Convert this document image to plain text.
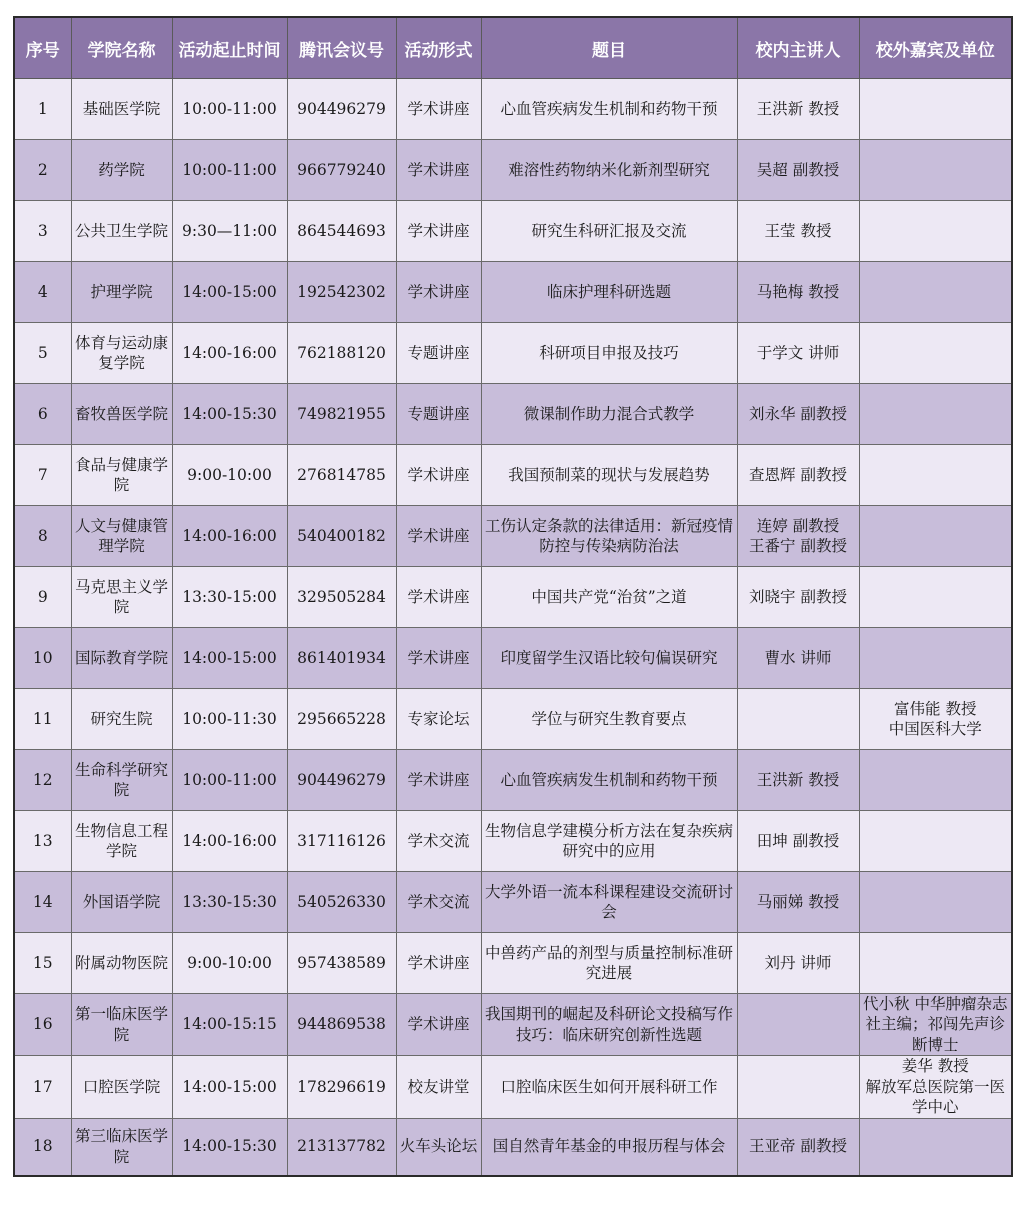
序号	学院名称	活动起止时间	腾讯会议号	活动形式	题目	校内主讲人	校外嘉宾及单位
1	基础医学院	10:00-11:00	904496279	学术讲座	心血管疾病发生机制和药物干预	王洪新 教授	
2	药学院	10:00-11:00	966779240	学术讲座	难溶性药物纳米化新剂型研究	吴超 副教授	
3	公共卫生学院	9:30—11:00	864544693	学术讲座	研究生科研汇报及交流	王莹 教授	
4	护理学院	14:00-15:00	192542302	学术讲座	临床护理科研选题	马艳梅 教授	
5	体育与运动康复学院	14:00-16:00	762188120	专题讲座	科研项目申报及技巧	于学文 讲师	
6	畜牧兽医学院	14:00-15:30	749821955	专题讲座	微课制作助力混合式教学	刘永华 副教授	
7	食品与健康学院	9:00-10:00	276814785	学术讲座	我国预制菜的现状与发展趋势	查恩辉 副教授	
8	人文与健康管理学院	14:00-16:00	540400182	学术讲座	工伤认定条款的法律适用：新冠疫情防控与传染病防治法	连婷 副教授
王番宁 副教授	
9	马克思主义学院	13:30-15:00	329505284	学术讲座	中国共产党“治贫”之道	刘晓宇 副教授	
10	国际教育学院	14:00-15:00	861401934	学术讲座	印度留学生汉语比较句偏误研究	曹水 讲师	
11	研究生院	10:00-11:30	295665228	专家论坛	学位与研究生教育要点		富伟能 教授
中国医科大学
12	生命科学研究院	10:00-11:00	904496279	学术讲座	心血管疾病发生机制和药物干预	王洪新 教授	
13	生物信息工程学院	14:00-16:00	317116126	学术交流	生物信息学建模分析方法在复杂疾病研究中的应用	田坤 副教授	
14	外国语学院	13:30-15:30	540526330	学术交流	大学外语一流本科课程建设交流研讨会	马丽娣 教授	
15	附属动物医院	9:00-10:00	957438589	学术讲座	中兽药产品的剂型与质量控制标准研究进展	刘丹 讲师	
16	第一临床医学院	14:00-15:15	944869538	学术讲座	我国期刊的崛起及科研论文投稿写作技巧：临床研究创新性选题		代小秋 中华肿瘤杂志社主编；祁闯先声诊断博士
17	口腔医学院	14:00-15:00	178296619	校友讲堂	口腔临床医生如何开展科研工作		姜华 教授
解放军总医院第一医学中心
18	第三临床医学院	14:00-15:30	213137782	火车头论坛	国自然青年基金的申报历程与体会	王亚帝 副教授	
